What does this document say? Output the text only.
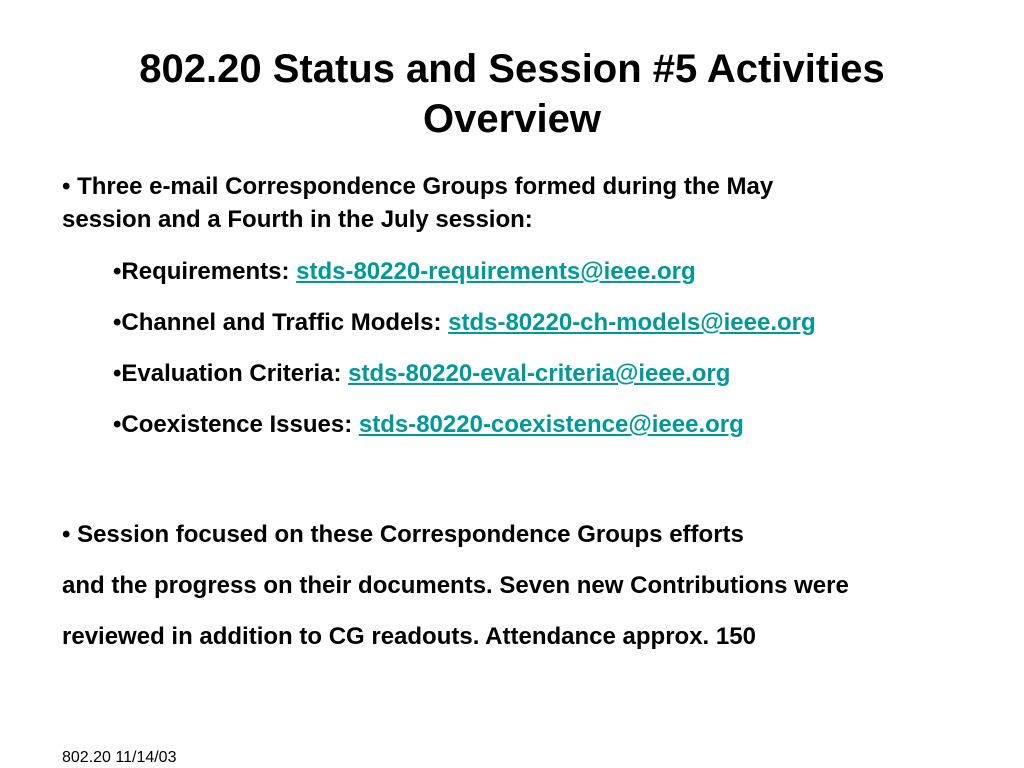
802.20 Status and Session #5 Activities
Overview
• Three e-mail Correspondence Groups formed during the May
session and a Fourth in the July session:
•Requirements: stds-80220-requirements@ieee.org
•Channel and Traffic Models: stds-80220-ch-models@ieee.org
•Evaluation Criteria: stds-80220-eval-criteria@ieee.org
•Coexistence Issues: stds-80220-coexistence@ieee.org
• Session focused on these Correspondence Groups efforts
and the progress on their documents. Seven new Contributions were
reviewed in addition to CG readouts. Attendance approx. 150
802.20 11/14/03
